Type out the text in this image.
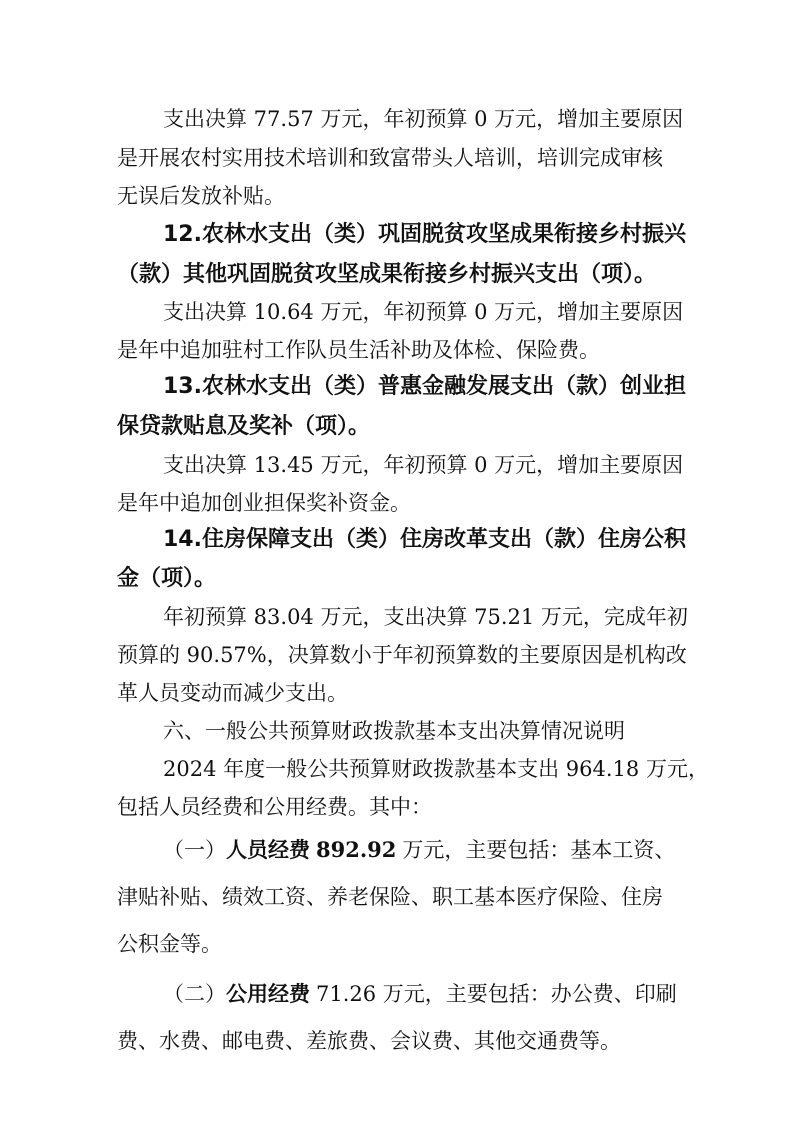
支出决算 77.57 万元，年初预算 0 万元，增加主要原因
是开展农村实用技术培训和致富带头人培训，培训完成审核
无误后发放补贴。
12.农林水支出（类）巩固脱贫攻坚成果衔接乡村振兴
（款）其他巩固脱贫攻坚成果衔接乡村振兴支出（项）。
支出决算 10.64 万元，年初预算 0 万元，增加主要原因
是年中追加驻村工作队员生活补助及体检、保险费。
13.农林水支出（类）普惠金融发展支出（款）创业担
保贷款贴息及奖补（项）。
支出决算 13.45 万元，年初预算 0 万元，增加主要原因
是年中追加创业担保奖补资金。
14.住房保障支出（类）住房改革支出（款）住房公积
金（项）。
年初预算 83.04 万元，支出决算 75.21 万元，完成年初
预算的 90.57%，决算数小于年初预算数的主要原因是机构改
革人员变动而减少支出。
六、一般公共预算财政拨款基本支出决算情况说明
2024 年度一般公共预算财政拨款基本支出 964.18 万元，
包括人员经费和公用经费。其中：
（一）人员经费 892.92 万元，主要包括：基本工资、
津贴补贴、绩效工资、养老保险、职工基本医疗保险、住房
公积金等。
（二）公用经费 71.26 万元，主要包括：办公费、印刷
费、水费、邮电费、差旅费、会议费、其他交通费等。
